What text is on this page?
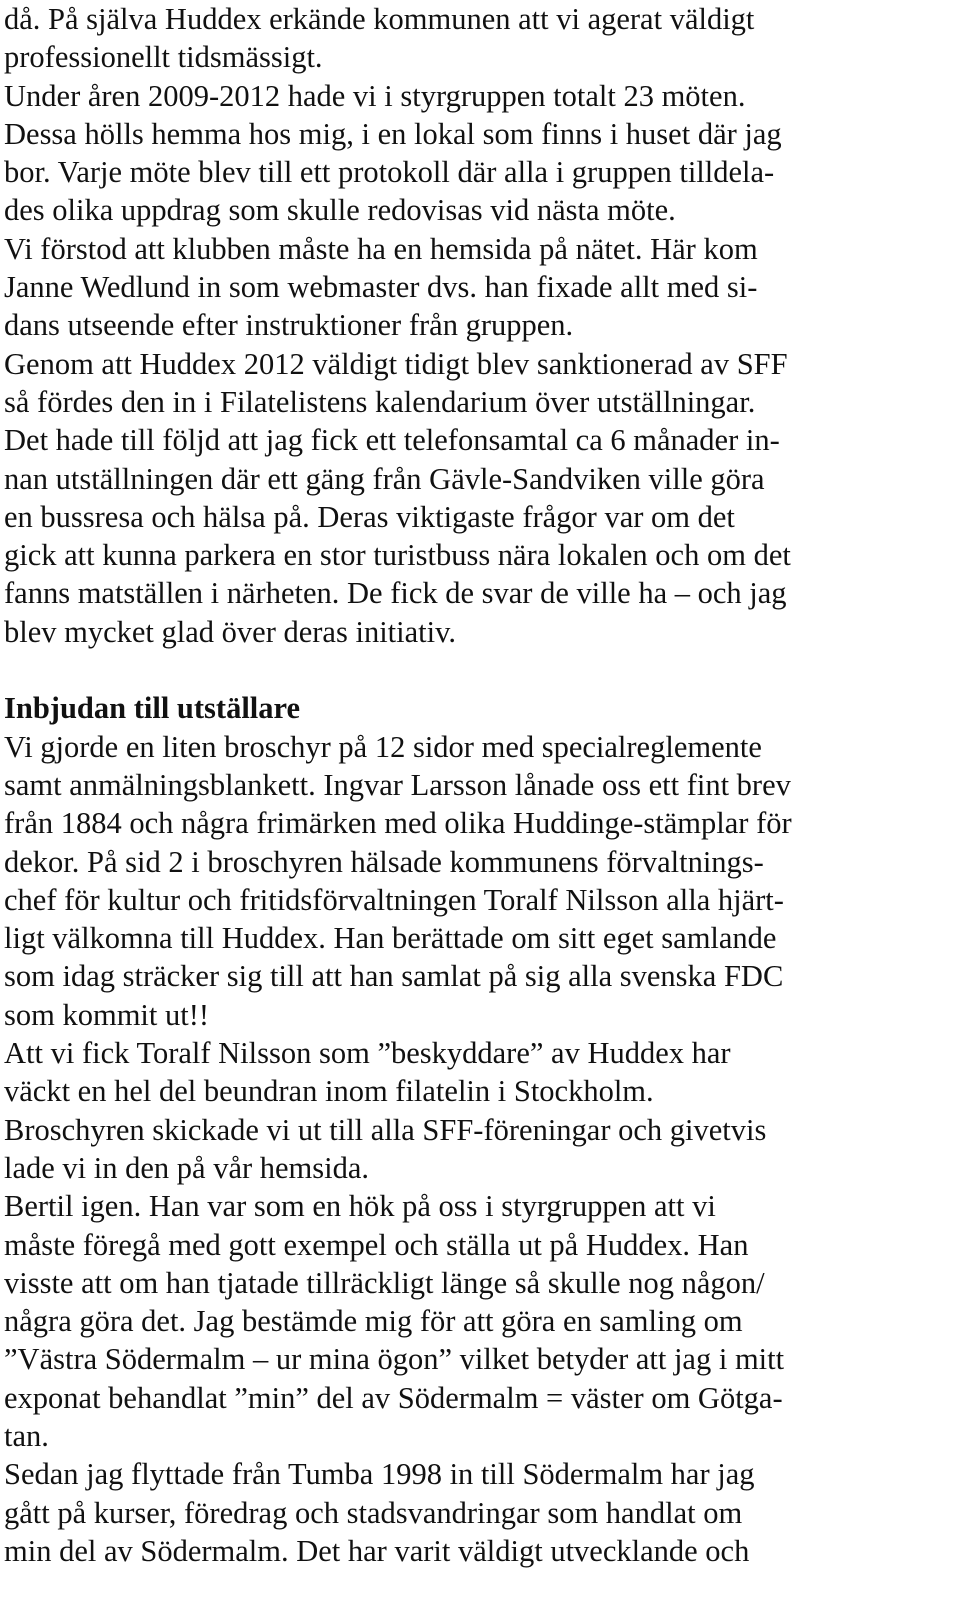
då. På själva Huddex erkände kommunen att vi agerat väldigt
professionellt tidsmässigt.
Under åren 2009-2012 hade vi i styrgruppen totalt 23 möten.
Dessa hölls hemma hos mig, i en lokal som finns i huset där jag
bor. Varje möte blev till ett protokoll där alla i gruppen tilldela-
des olika uppdrag som skulle redovisas vid nästa möte.
Vi förstod att klubben måste ha en hemsida på nätet. Här kom
Janne Wedlund in som webmaster dvs. han fixade allt med si-
dans utseende efter instruktioner från gruppen.
Genom att Huddex 2012 väldigt tidigt blev sanktionerad av SFF
så fördes den in i Filatelistens kalendarium över utställningar.
Det hade till följd att jag fick ett telefonsamtal ca 6 månader in-
nan utställningen där ett gäng från Gävle-Sandviken ville göra
en bussresa och hälsa på. Deras viktigaste frågor var om det
gick att kunna parkera en stor turistbuss nära lokalen och om det
fanns matställen i närheten. De fick de svar de ville ha – och jag
blev mycket glad över deras initiativ.
Inbjudan till utställare
Vi gjorde en liten broschyr på 12 sidor med specialreglemente
samt anmälningsblankett. Ingvar Larsson lånade oss ett fint brev
från 1884 och några frimärken med olika Huddinge-stämplar för
dekor. På sid 2 i broschyren hälsade kommunens förvaltnings-
chef för kultur och fritidsförvaltningen Toralf Nilsson alla hjärt-
ligt välkomna till Huddex. Han berättade om sitt eget samlande
som idag sträcker sig till att han samlat på sig alla svenska FDC
som kommit ut!!
Att vi fick Toralf Nilsson som ”beskyddare” av Huddex har
väckt en hel del beundran inom filatelin i Stockholm.
Broschyren skickade vi ut till alla SFF-föreningar och givetvis
lade vi in den på vår hemsida.
Bertil igen. Han var som en hök på oss i styrgruppen att vi
måste föregå med gott exempel och ställa ut på Huddex. Han
visste att om han tjatade tillräckligt länge så skulle nog någon/
några göra det. Jag bestämde mig för att göra en samling om
”Västra Södermalm – ur mina ögon” vilket betyder att jag i mitt
exponat behandlat ”min” del av Södermalm = väster om Götga-
tan.
Sedan jag flyttade från Tumba 1998 in till Södermalm har jag
gått på kurser, föredrag och stadsvandringar som handlat om
min del av Södermalm. Det har varit väldigt utvecklande och
